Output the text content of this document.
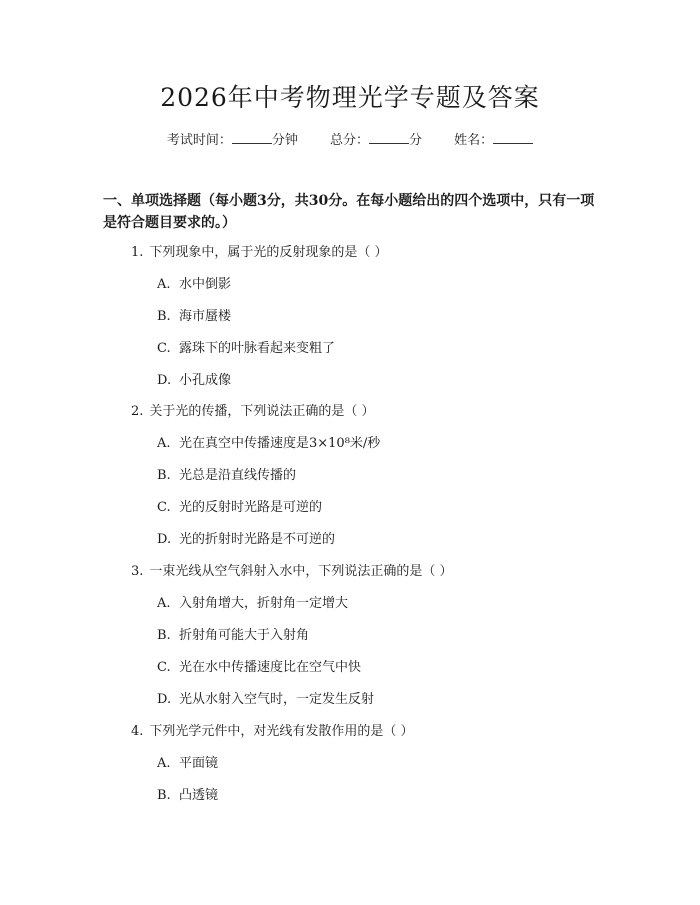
2026年中考物理光学专题及答案
考试时间：	分钟 总分：	分 姓名：
一、单项选择题（每小题3分，共30分。在每小题给出的四个选项中，只有一项是符合题目要求的。）
1. 下列现象中，属于光的反射现象的是（ ）
A. 水中倒影
B. 海市蜃楼
C. 露珠下的叶脉看起来变粗了
D. 小孔成像
2. 关于光的传播，下列说法正确的是（ ）
A. 光在真空中传播速度是3×10⁸米/秒
B. 光总是沿直线传播的
C. 光的反射时光路是可逆的
D. 光的折射时光路是不可逆的
3. 一束光线从空气斜射入水中，下列说法正确的是（ ）
A. 入射角增大，折射角一定增大
B. 折射角可能大于入射角
C. 光在水中传播速度比在空气中快
D. 光从水射入空气时，一定发生反射
4. 下列光学元件中，对光线有发散作用的是（ ）
A. 平面镜
B. 凸透镜
